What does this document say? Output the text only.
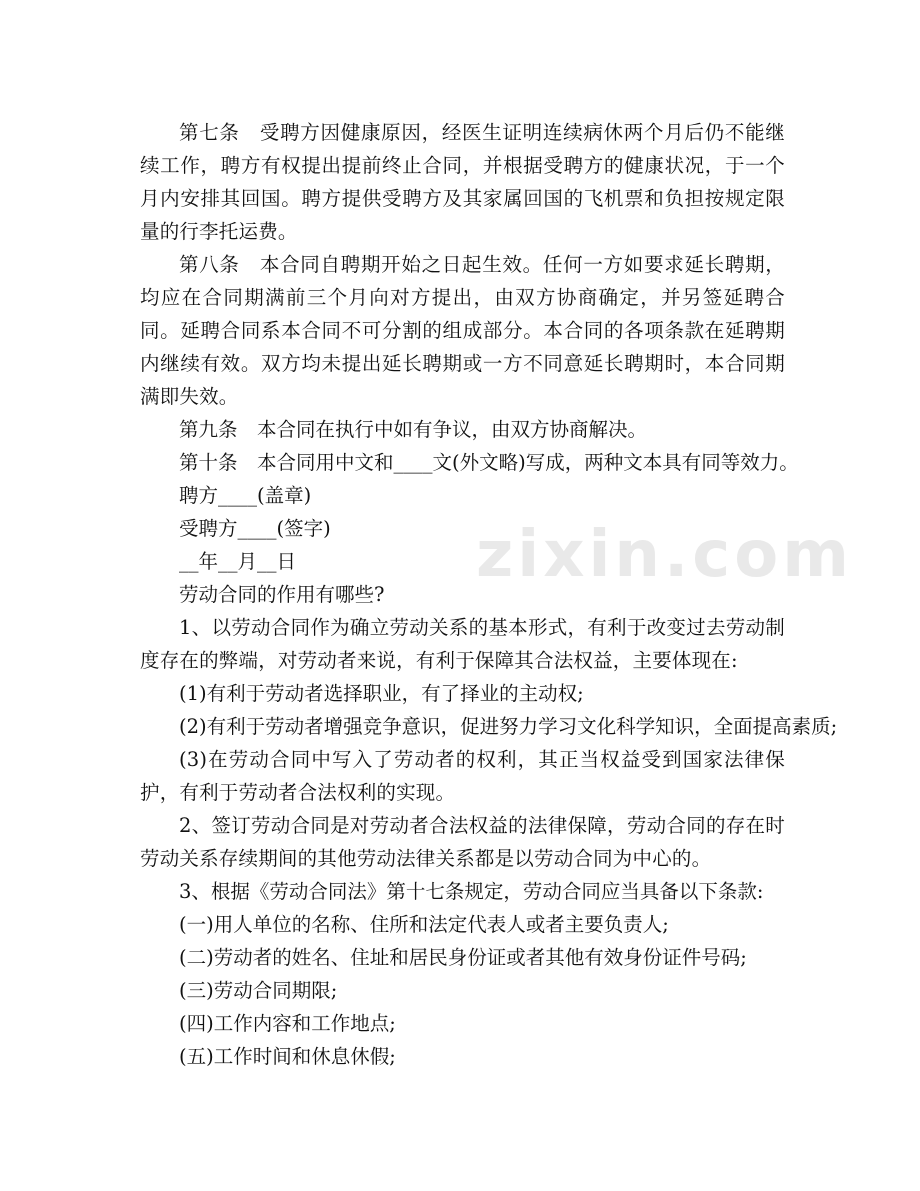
zixin.com

第七条　受聘方因健康原因，经医生证明连续病休两个月后仍不能继续工作，聘方有权提出提前终止合同，并根据受聘方的健康状况，于一个月内安排其回国。聘方提供受聘方及其家属回国的飞机票和负担按规定限量的行李托运费。

第八条　本合同自聘期开始之日起生效。任何一方如要求延长聘期，均应在合同期满前三个月向对方提出，由双方协商确定，并另签延聘合同。延聘合同系本合同不可分割的组成部分。本合同的各项条款在延聘期内继续有效。双方均未提出延长聘期或一方不同意延长聘期时，本合同期满即失效。

第九条　本合同在执行中如有争议，由双方协商解决。

第十条　本合同用中文和____文(外文略)写成，两种文本具有同等效力。

聘方____(盖章)

受聘方____(签字)

__年__月__日

劳动合同的作用有哪些?

1、以劳动合同作为确立劳动关系的基本形式，有利于改变过去劳动制度存在的弊端，对劳动者来说，有利于保障其合法权益，主要体现在:

(1)有利于劳动者选择职业，有了择业的主动权;

(2)有利于劳动者增强竞争意识，促进努力学习文化科学知识，全面提高素质;

(3)在劳动合同中写入了劳动者的权利，其正当权益受到国家法律保护，有利于劳动者合法权利的实现。

2、签订劳动合同是对劳动者合法权益的法律保障，劳动合同的存在时劳动关系存续期间的其他劳动法律关系都是以劳动合同为中心的。

3、根据《劳动合同法》第十七条规定，劳动合同应当具备以下条款:

(一)用人单位的名称、住所和法定代表人或者主要负责人;

(二)劳动者的姓名、住址和居民身份证或者其他有效身份证件号码;

(三)劳动合同期限;

(四)工作内容和工作地点;

(五)工作时间和休息休假;
